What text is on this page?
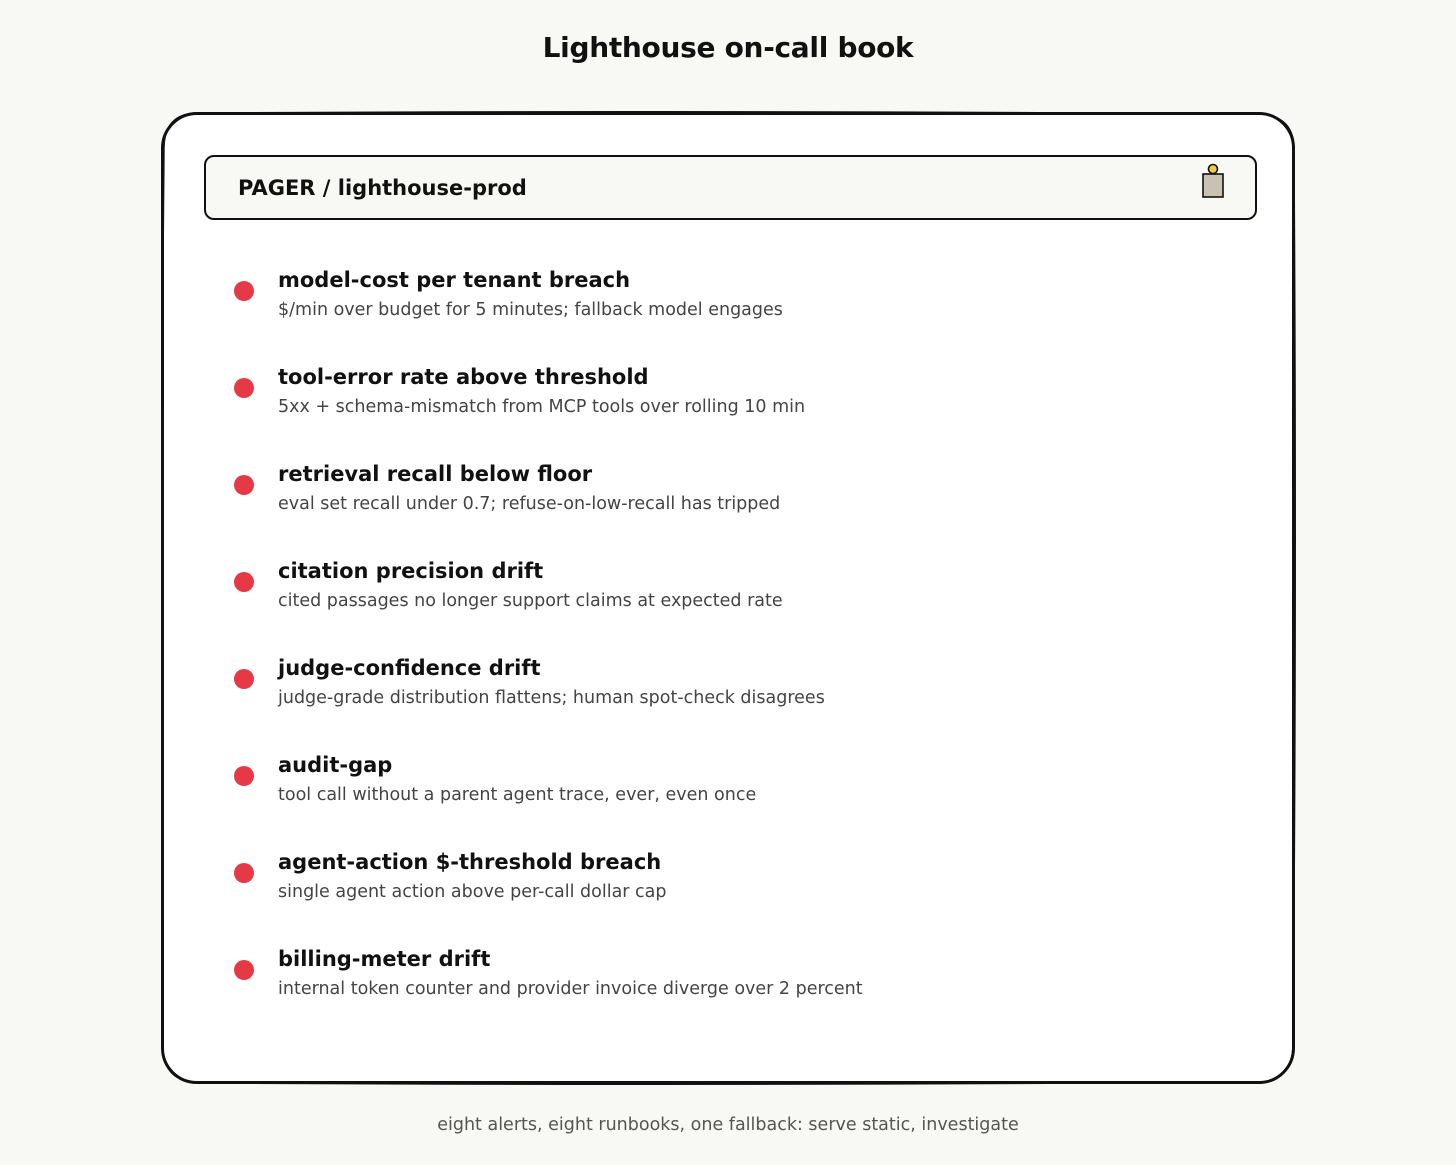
Lighthouse on-call book
PAGER / lighthouse-prod
model-cost per tenant breach
$/min over budget for 5 minutes; fallback model engages
tool-error rate above threshold
5xx + schema-mismatch from MCP tools over rolling 10 min
retrieval recall below floor
eval set recall under 0.7; refuse-on-low-recall has tripped
citation precision drift
cited passages no longer support claims at expected rate
judge-confidence drift
judge-grade distribution flattens; human spot-check disagrees
audit-gap
tool call without a parent agent trace, ever, even once
agent-action $-threshold breach
single agent action above per-call dollar cap
billing-meter drift
internal token counter and provider invoice diverge over 2 percent
eight alerts, eight runbooks, one fallback: serve static, investigate
